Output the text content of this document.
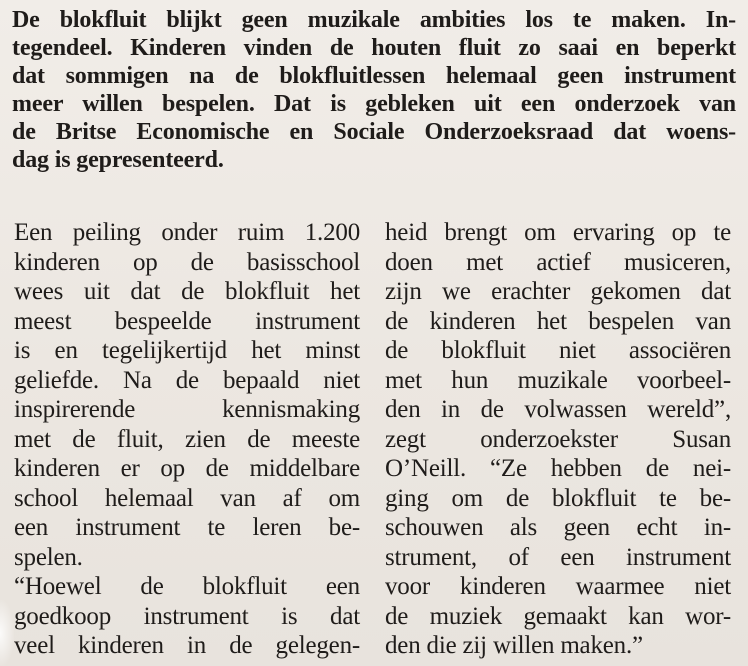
De blokfluit blijkt geen muzikale ambities los te maken. In-
tegendeel. Kinderen vinden de houten fluit zo saai en beperkt
dat sommigen na de blokfluitlessen helemaal geen instrument
meer willen bespelen. Dat is gebleken uit een onderzoek van
de Britse Economische en Sociale Onderzoeksraad dat woens-
dag is gepresenteerd.
Een peiling onder ruim 1.200
kinderen op de basisschool
wees uit dat de blokfluit het
meest bespeelde instrument
is en tegelijkertijd het minst
geliefde. Na de bepaald niet
inspirerende kennismaking
met de fluit, zien de meeste
kinderen er op de middelbare
school helemaal van af om
een instrument te leren be-
spelen.
“Hoewel de blokfluit een
goedkoop instrument is dat
veel kinderen in de gelegen-
heid brengt om ervaring op te
doen met actief musiceren,
zijn we erachter gekomen dat
de kinderen het bespelen van
de blokfluit niet associëren
met hun muzikale voorbeel-
den in de volwassen wereld”,
zegt onderzoekster Susan
O’Neill. “Ze hebben de nei-
ging om de blokfluit te be-
schouwen als geen echt in-
strument, of een instrument
voor kinderen waarmee niet
de muziek gemaakt kan wor-
den die zij willen maken.”
